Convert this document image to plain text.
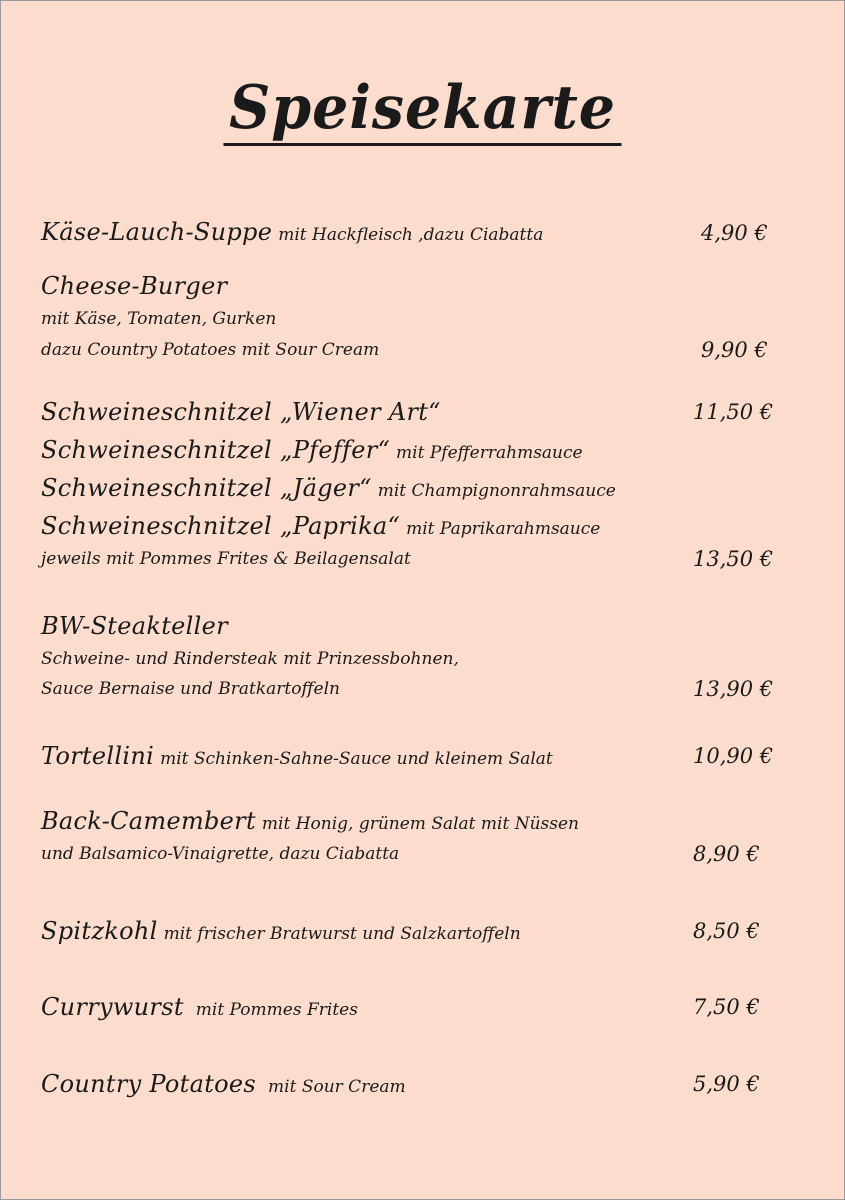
Speisekarte
Käse-Lauch-Suppe mit Hackfleisch ,dazu Ciabatta	4,90 €
Cheese-Burger
mit Käse, Tomaten, Gurken
dazu Country Potatoes mit Sour Cream	9,90 €
Schweineschnitzel „Wiener Art“	11,50 €
Schweineschnitzel „Pfeffer“ mit Pfefferrahmsauce
Schweineschnitzel „Jäger“ mit Champignonrahmsauce
Schweineschnitzel „Paprika“ mit Paprikarahmsauce
jeweils mit Pommes Frites & Beilagensalat	13,50 €
BW-Steakteller
Schweine- und Rindersteak mit Prinzessbohnen,
Sauce Bernaise und Bratkartoffeln	13,90 €
Tortellini mit Schinken-Sahne-Sauce und kleinem Salat	10,90 €
Back-Camembert mit Honig, grünem Salat mit Nüssen
und Balsamico-Vinaigrette, dazu Ciabatta	8,90 €
Spitzkohl mit frischer Bratwurst und Salzkartoffeln	8,50 €
Currywurst mit Pommes Frites	7,50 €
Country Potatoes mit Sour Cream	5,90 €
